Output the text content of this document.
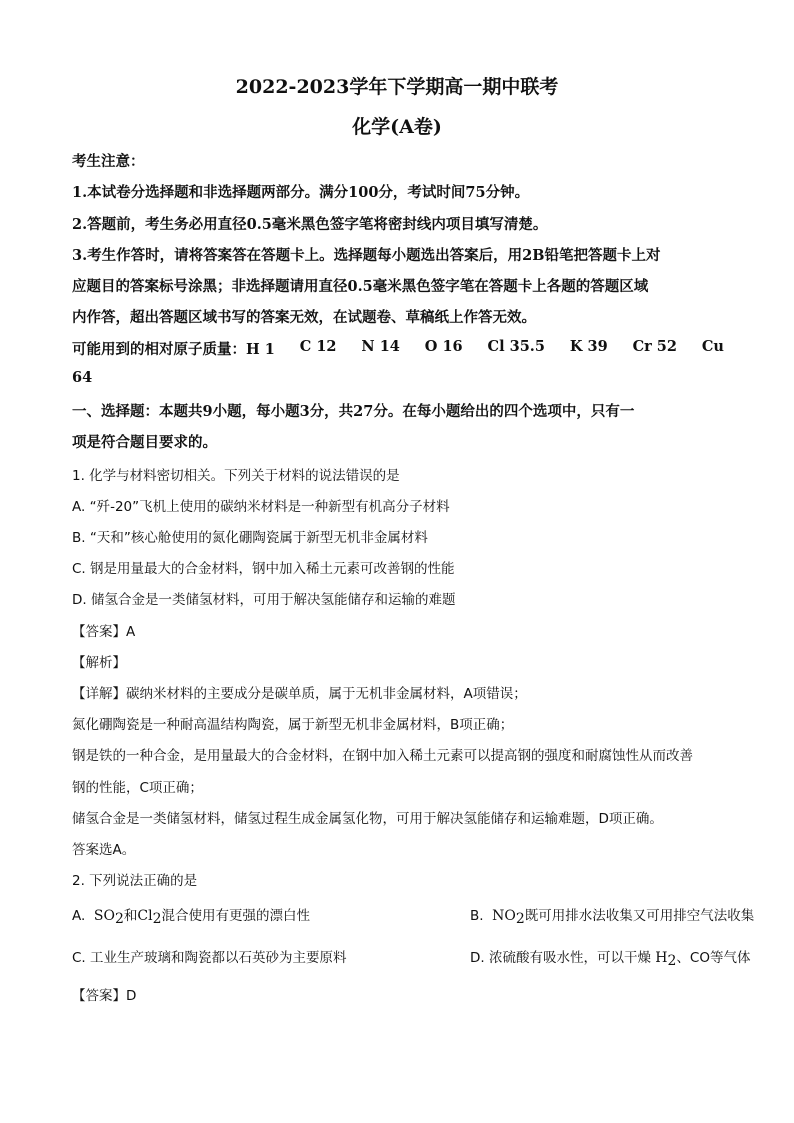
2022-2023学年下学期高一期中联考
化学(A卷)
考生注意：
1.本试卷分选择题和非选择题两部分。满分100分，考试时间75分钟。
2.答题前，考生务必用直径0.5毫米黑色签字笔将密封线内项目填写清楚。
3.考生作答时，请将答案答在答题卡上。选择题每小题选出答案后，用2B铅笔把答题卡上对
应题目的答案标号涂黑；非选择题请用直径0.5毫米黑色签字笔在答题卡上各题的答题区域
内作答，超出答题区域书写的答案无效，在试题卷、草稿纸上作答无效。
可能用到的相对原子质量：H 1 C 12 N 14 O 16 Cl 35.5 K 39 Cr 52 Cu
64
一、选择题：本题共9小题，每小题3分，共27分。在每小题给出的四个选项中，只有一
项是符合题目要求的。
1. 化学与材料密切相关。下列关于材料的说法错误的是
A. “歼-20”飞机上使用的碳纳米材料是一种新型有机高分子材料
B. “天和”核心舱使用的氮化硼陶瓷属于新型无机非金属材料
C. 钢是用量最大的合金材料，钢中加入稀土元素可改善钢的性能
D. 储氢合金是一类储氢材料，可用于解决氢能储存和运输的难题
【答案】A
【解析】
【详解】碳纳米材料的主要成分是碳单质，属于无机非金属材料，A项错误；
氮化硼陶瓷是一种耐高温结构陶瓷，属于新型无机非金属材料，B项正确；
钢是铁的一种合金，是用量最大的合金材料，在钢中加入稀土元素可以提高钢的强度和耐腐蚀性从而改善
钢的性能，C项正确；
储氢合金是一类储氢材料，储氢过程生成金属氢化物，可用于解决氢能储存和运输难题，D项正确。
答案选A。
2. 下列说法正确的是
A. $SO_2$和$Cl_2$混合使用有更强的漂白性	B. $NO_2$既可用排水法收集又可用排空气法收集
C. 工业生产玻璃和陶瓷都以石英砂为主要原料	D. 浓硫酸有吸水性，可以干燥 $H_2$、CO等气体
【答案】D
